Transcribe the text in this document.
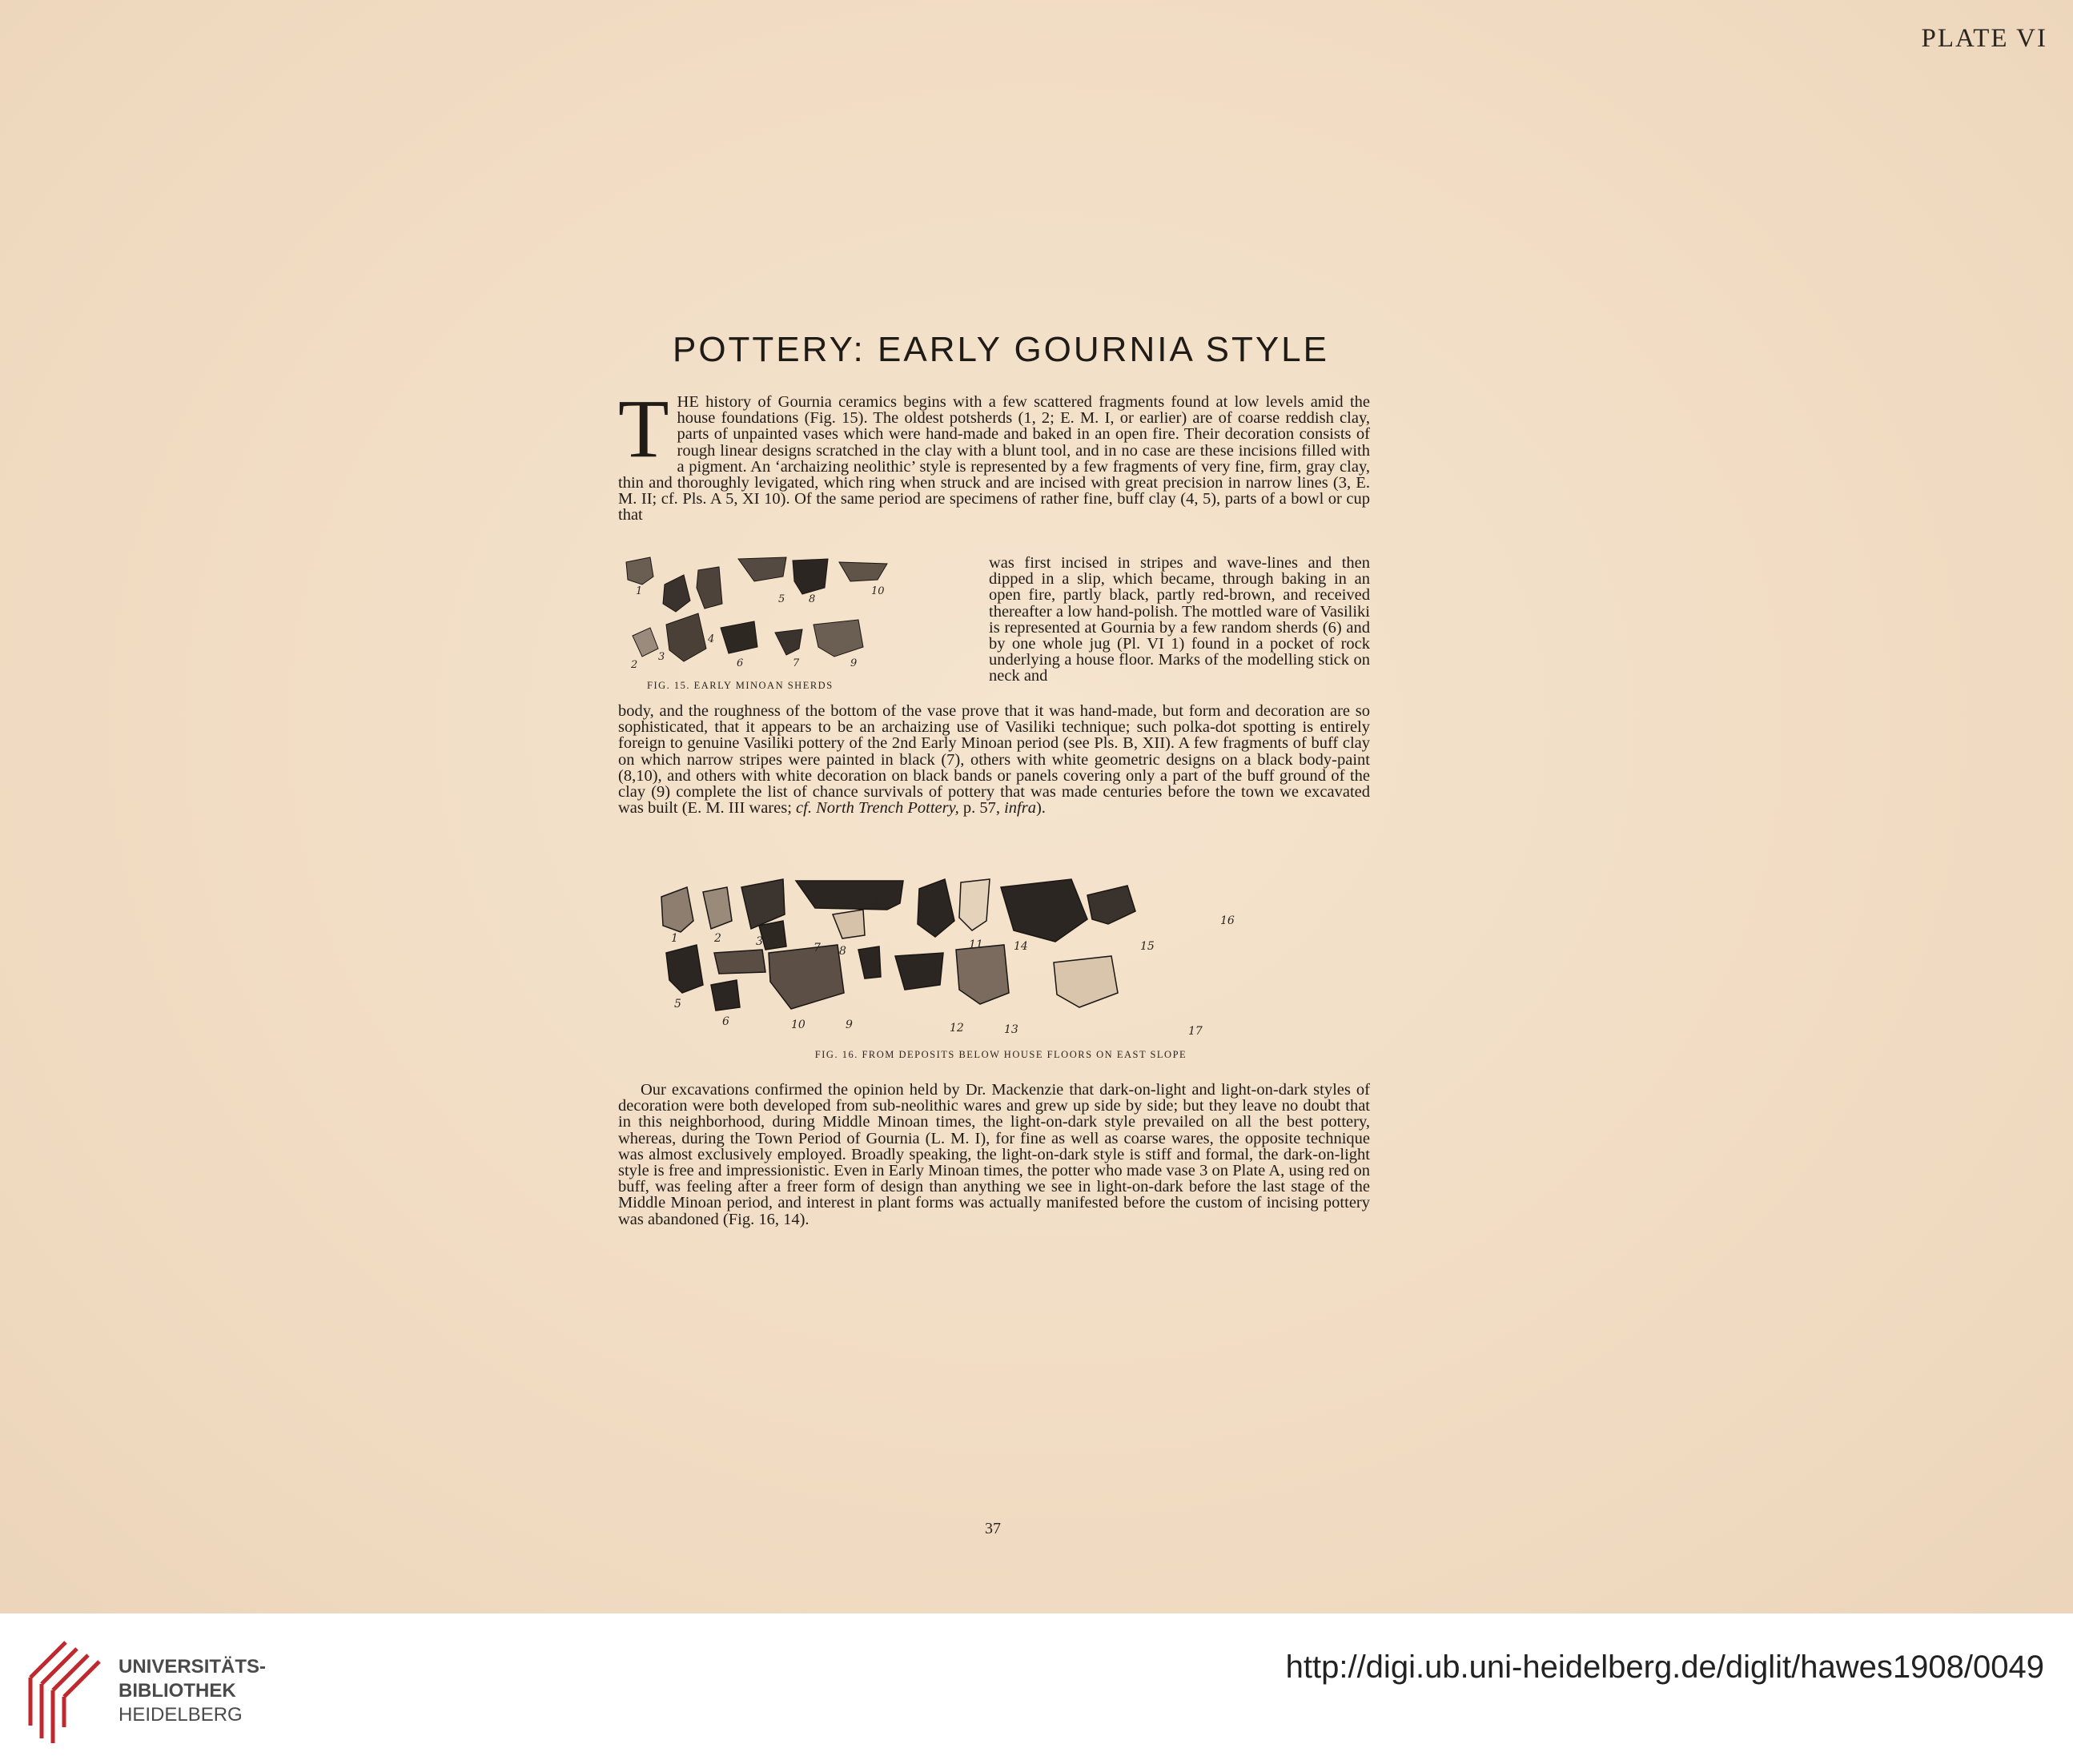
PLATE VI
POTTERY: EARLY GOURNIA STYLE
T HE history of Gournia ceramics begins with a few scattered fragments found at low levels amid the house foundations (Fig. 15). The oldest potsherds (1, 2; E. M. I, or earlier) are of coarse reddish clay, parts of unpainted vases which were hand-made and baked in an open fire. Their decoration consists of rough linear designs scratched in the clay with a blunt tool, and in no case are these incisions filled with a pigment. An ‘archaizing neolithic’ style is represented by a few fragments of very fine, firm, gray clay, thin and thoroughly levigated, which ring when struck and are incised with great precision in narrow lines (3, E. M. II; cf. Pls. A 5, XI 10). Of the same period are specimens of rather fine, buff clay (4, 5), parts of a bowl or cup that
1
2
3
4
5
6	7
8
9
10
FIG. 15. EARLY MINOAN SHERDS
was first incised in stripes and wave-lines and then dipped in a slip, which became, through baking in an open fire, partly black, partly red-brown, and received thereafter a low hand-polish. The mottled ware of Vasiliki is represented at Gournia by a few random sherds (6) and by one whole jug (Pl. VI 1) found in a pocket of rock underlying a house floor. Marks of the modelling stick on neck and
body, and the roughness of the bottom of the vase prove that it was hand-made, but form and decoration are so sophisticated, that it appears to be an archaizing use of Vasiliki technique; such polka-dot spotting is entirely foreign to genuine Vasiliki pottery of the 2nd Early Minoan period (see Pls. B, XII). A few fragments of buff clay on which narrow stripes were painted in black (7), others with white geometric designs on a black body-paint (8,10), and others with white decoration on black bands or panels covering only a part of the buff ground of the clay (9) complete the list of chance survivals of pottery that was made centuries before the town we excavated was built (E. M. III wares; cf. North Trench Pottery, p. 57, infra).
1	2	3
4
5
6
7 8
9
10
11
12	13
14	15
16
17
FIG. 16. FROM DEPOSITS BELOW HOUSE FLOORS ON EAST SLOPE
Our excavations confirmed the opinion held by Dr. Mackenzie that dark-on-light and light-on-dark styles of decoration were both developed from sub-neolithic wares and grew up side by side; but they leave no doubt that in this neighborhood, during Middle Minoan times, the light-on-dark style prevailed on all the best pottery, whereas, during the Town Period of Gournia (L. M. I), for fine as well as coarse wares, the opposite technique was almost exclusively employed. Broadly speaking, the light-on-dark style is stiff and formal, the dark-on-light style is free and impressionistic. Even in Early Minoan times, the potter who made vase 3 on Plate A, using red on buff, was feeling after a freer form of design than anything we see in light-on-dark before the last stage of the Middle Minoan period, and interest in plant forms was actually manifested before the custom of incising pottery was abandoned (Fig. 16, 14).
37
UNIVERSITÄTS-
BIBLIOTHEK
HEIDELBERG
http://digi.ub.uni-heidelberg.de/diglit/hawes1908/0049
